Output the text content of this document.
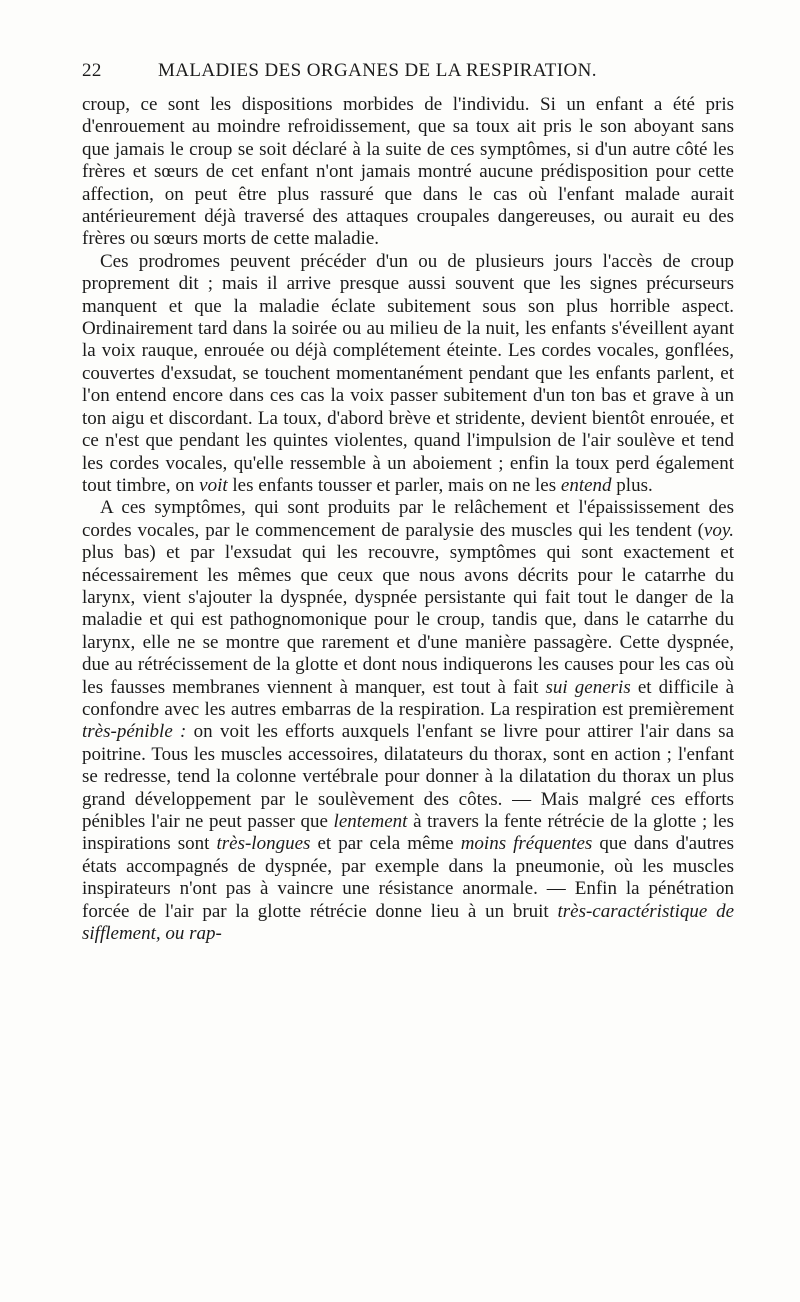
22	MALADIES DES ORGANES DE LA RESPIRATION.

croup, ce sont les dispositions morbides de l'individu. Si un enfant a été pris d'enrouement au moindre refroidissement, que sa toux ait pris le son aboyant sans que jamais le croup se soit déclaré à la suite de ces symptômes, si d'un autre côté les frères et sœurs de cet enfant n'ont jamais montré aucune prédisposition pour cette affection, on peut être plus rassuré que dans le cas où l'enfant malade aurait antérieurement déjà traversé des attaques croupales dangereuses, ou aurait eu des frères ou sœurs morts de cette maladie.

Ces prodromes peuvent précéder d'un ou de plusieurs jours l'accès de croup proprement dit ; mais il arrive presque aussi souvent que les signes précurseurs manquent et que la maladie éclate subitement sous son plus horrible aspect. Ordinairement tard dans la soirée ou au milieu de la nuit, les enfants s'éveillent ayant la voix rauque, enrouée ou déjà complétement éteinte. Les cordes vocales, gonflées, couvertes d'exsudat, se touchent momentanément pendant que les enfants parlent, et l'on entend encore dans ces cas la voix passer subitement d'un ton bas et grave à un ton aigu et discordant. La toux, d'abord brève et stridente, devient bientôt enrouée, et ce n'est que pendant les quintes violentes, quand l'impulsion de l'air soulève et tend les cordes vocales, qu'elle ressemble à un aboiement ; enfin la toux perd également tout timbre, on voit les enfants tousser et parler, mais on ne les entend plus.

A ces symptômes, qui sont produits par le relâchement et l'épaississement des cordes vocales, par le commencement de paralysie des muscles qui les tendent (voy. plus bas) et par l'exsudat qui les recouvre, symptômes qui sont exactement et nécessairement les mêmes que ceux que nous avons décrits pour le catarrhe du larynx, vient s'ajouter la dyspnée, dyspnée persistante qui fait tout le danger de la maladie et qui est pathognomonique pour le croup, tandis que, dans le catarrhe du larynx, elle ne se montre que rarement et d'une manière passagère. Cette dyspnée, due au rétrécissement de la glotte et dont nous indiquerons les causes pour les cas où les fausses membranes viennent à manquer, est tout à fait sui generis et difficile à confondre avec les autres embarras de la respiration. La respiration est premièrement très-pénible : on voit les efforts auxquels l'enfant se livre pour attirer l'air dans sa poitrine. Tous les muscles accessoires, dilatateurs du thorax, sont en action ; l'enfant se redresse, tend la colonne vertébrale pour donner à la dilatation du thorax un plus grand développement par le soulèvement des côtes. — Mais malgré ces efforts pénibles l'air ne peut passer que lentement à travers la fente rétrécie de la glotte ; les inspirations sont très-longues et par cela même moins fréquentes que dans d'autres états accompagnés de dyspnée, par exemple dans la pneumonie, où les muscles inspirateurs n'ont pas à vaincre une résistance anormale. — Enfin la pénétration forcée de l'air par la glotte rétrécie donne lieu à un bruit très-caractéristique de sifflement, ou rap-
